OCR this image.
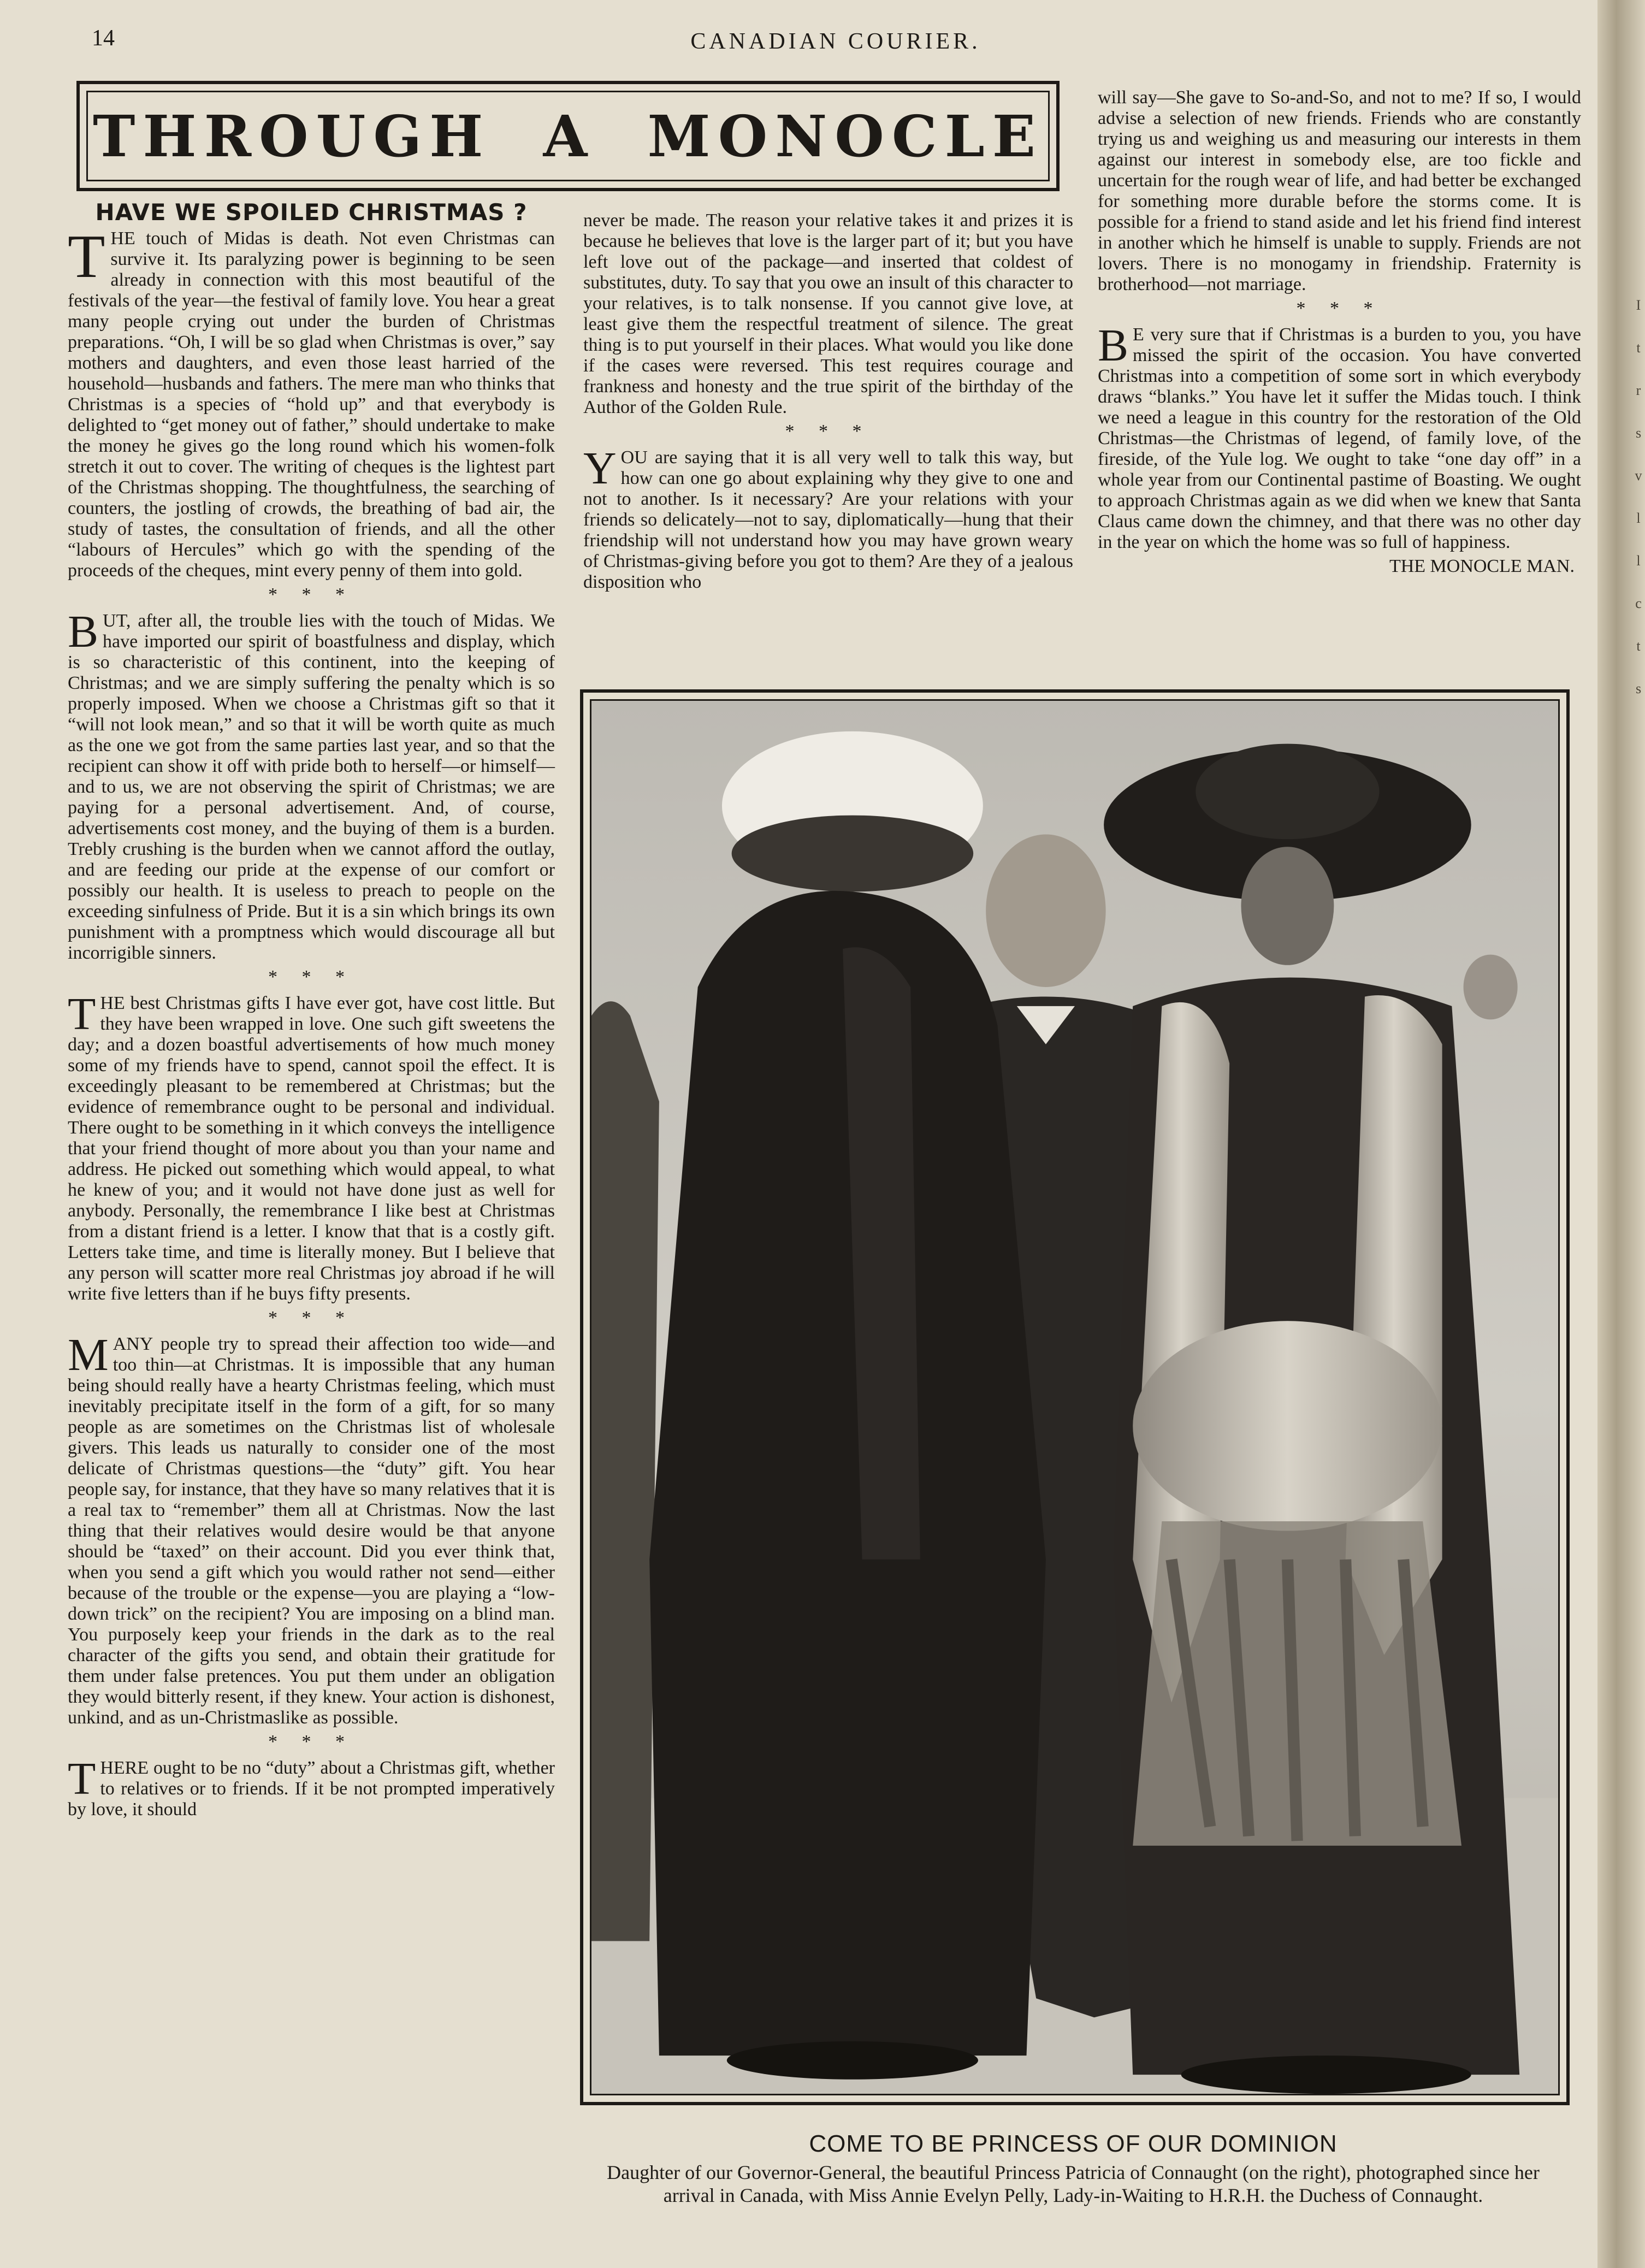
14	CANADIAN COURIER.
THROUGH A MONOCLE
HAVE WE SPOILED CHRISTMAS ?

THE touch of Midas is death. Not even Christmas can survive it. Its paralyzing power is beginning to be seen already in connection with this most beautiful of the festivals of the year—the festival of family love. You hear a great many people crying out under the burden of Christmas preparations. “Oh, I will be so glad when Christmas is over,” say mothers and daughters, and even those least harried of the household—husbands and fathers. The mere man who thinks that Christmas is a species of “hold up” and that everybody is delighted to “get money out of father,” should undertake to make the money he gives go the long round which his women-folk stretch it out to cover. The writing of cheques is the lightest part of the Christmas shopping. The thoughtfulness, the searching of counters, the jostling of crowds, the breathing of bad air, the study of tastes, the consultation of friends, and all the other “labours of Hercules” which go with the spending of the proceeds of the cheques, mint every penny of them into gold.

* * *

BUT, after all, the trouble lies with the touch of Midas. We have imported our spirit of boastfulness and display, which is so characteristic of this continent, into the keeping of Christmas; and we are simply suffering the penalty which is so properly imposed. When we choose a Christmas gift so that it “will not look mean,” and so that it will be worth quite as much as the one we got from the same parties last year, and so that the recipient can show it off with pride both to herself—or himself—and to us, we are not observing the spirit of Christmas; we are paying for a personal advertisement. And, of course, advertisements cost money, and the buying of them is a burden. Trebly crushing is the burden when we cannot afford the outlay, and are feeding our pride at the expense of our comfort or possibly our health. It is useless to preach to people on the exceeding sinfulness of Pride. But it is a sin which brings its own punishment with a promptness which would discourage all but incorrigible sinners.

* * *

THE best Christmas gifts I have ever got, have cost little. But they have been wrapped in love. One such gift sweetens the day; and a dozen boastful advertisements of how much money some of my friends have to spend, cannot spoil the effect. It is exceedingly pleasant to be remembered at Christmas; but the evidence of remembrance ought to be personal and individual. There ought to be something in it which conveys the intelligence that your friend thought of more about you than your name and address. He picked out something which would appeal, to what he knew of you; and it would not have done just as well for anybody. Personally, the remembrance I like best at Christmas from a distant friend is a letter. I know that that is a costly gift. Letters take time, and time is literally money. But I believe that any person will scatter more real Christmas joy abroad if he will write five letters than if he buys fifty presents.

* * *

MANY people try to spread their affection too wide—and too thin—at Christmas. It is impossible that any human being should really have a hearty Christmas feeling, which must inevitably precipitate itself in the form of a gift, for so many people as are sometimes on the Christmas list of wholesale givers. This leads us naturally to consider one of the most delicate of Christmas questions—the “duty” gift. You hear people say, for instance, that they have so many relatives that it is a real tax to “remember” them all at Christmas. Now the last thing that their relatives would desire would be that anyone should be “taxed” on their account. Did you ever think that, when you send a gift which you would rather not send—either because of the trouble or the expense—you are playing a “low-down trick” on the recipient? You are imposing on a blind man. You purposely keep your friends in the dark as to the real character of the gifts you send, and obtain their gratitude for them under false pretences. You put them under an obligation they would bitterly resent, if they knew. Your action is dishonest, unkind, and as un-Christmaslike as possible.

* * *

THERE ought to be no “duty” about a Christmas gift, whether to relatives or to friends. If it be not prompted imperatively by love, it should

never be made. The reason your relative takes it and prizes it is because he believes that love is the larger part of it; but you have left love out of the package—and inserted that coldest of substitutes, duty. To say that you owe an insult of this character to your relatives, is to talk nonsense. If you cannot give love, at least give them the respectful treatment of silence. The great thing is to put yourself in their places. What would you like done if the cases were reversed. This test requires courage and frankness and honesty and the true spirit of the birthday of the Author of the Golden Rule.

* * *

YOU are saying that it is all very well to talk this way, but how can one go about explaining why they give to one and not to another. Is it necessary? Are your relations with your friends so delicately—not to say, diplomatically—hung that their friendship will not understand how you may have grown weary of Christmas-giving before you got to them? Are they of a jealous disposition who

will say—She gave to So-and-So, and not to me? If so, I would advise a selection of new friends. Friends who are constantly trying us and weighing us and measuring our interests in them against our interest in somebody else, are too fickle and uncertain for the rough wear of life, and had better be exchanged for something more durable before the storms come. It is possible for a friend to stand aside and let his friend find interest in another which he himself is unable to supply. Friends are not lovers. There is no monogamy in friendship. Fraternity is brotherhood—not marriage.

* * *

B E very sure that if Christmas is a burden to you, you have missed the spirit of the occasion. You have converted Christmas into a competition of some sort in which everybody draws “blanks.” You have let it suffer the Midas touch. I think we need a league in this country for the restoration of the Old Christmas—the Christmas of legend, of family love, of the fireside, of the Yule log. We ought to take “one day off” in a whole year from our Continental pastime of Boasting. We ought to approach Christmas again as we did when we knew that Santa Claus came down the chimney, and that there was no other day in the year on which the home was so full of happiness.

THE MONOCLE MAN.
COME TO BE PRINCESS OF OUR DOMINION
Daughter of our Governor-General, the beautiful Princess Patricia of Connaught (on the right), photographed since her arrival in Canada, with Miss Annie Evelyn Pelly, Lady-in-Waiting to H.R.H. the Duchess of Connaught.
I
t
r
s
v
l
l
c
t
s
